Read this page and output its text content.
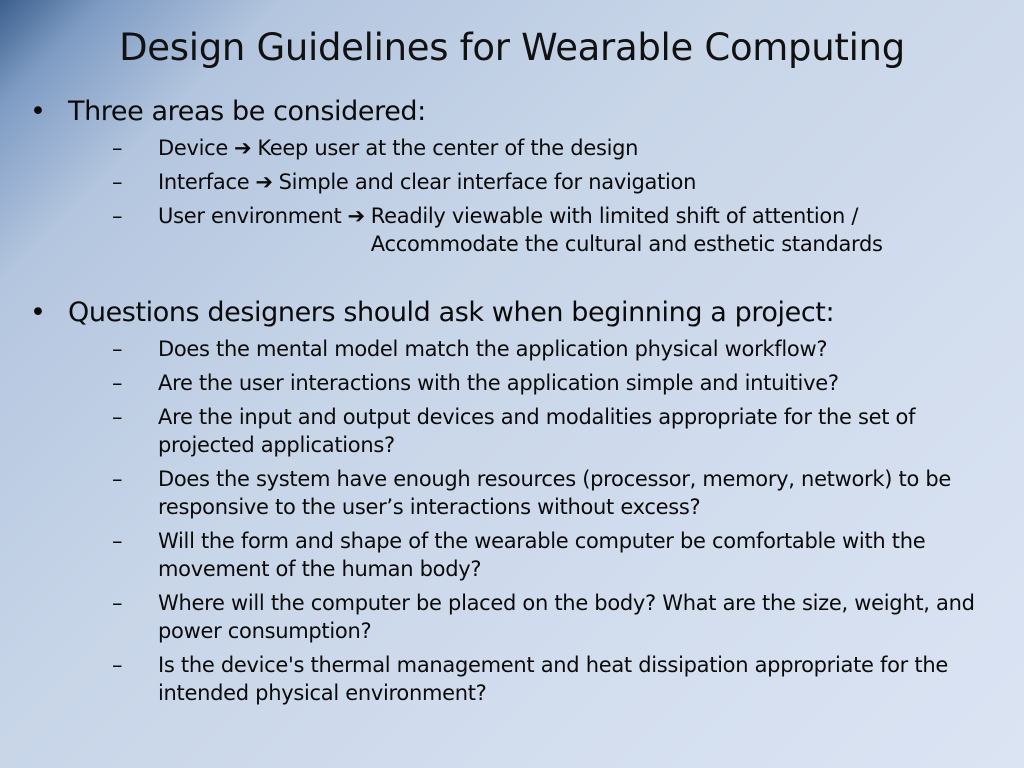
Design Guidelines for Wearable Computing
• Three areas be considered:
–	Device ➔ Keep user at the center of the design
–	Interface ➔ Simple and clear interface for navigation
–	User environment ➔ Readily viewable with limited shift of attention / Accommodate the cultural and esthetic standards
• Questions designers should ask when beginning a project:
–	Does the mental model match the application physical workflow?
–	Are the user interactions with the application simple and intuitive?
–	Are the input and output devices and modalities appropriate for the set of projected applications?
–	Does the system have enough resources (processor, memory, network) to be responsive to the user’s interactions without excess?
–	Will the form and shape of the wearable computer be comfortable with the movement of the human body?
–	Where will the computer be placed on the body? What are the size, weight, and power consumption?
–	Is the device's thermal management and heat dissipation appropriate for the intended physical environment?
